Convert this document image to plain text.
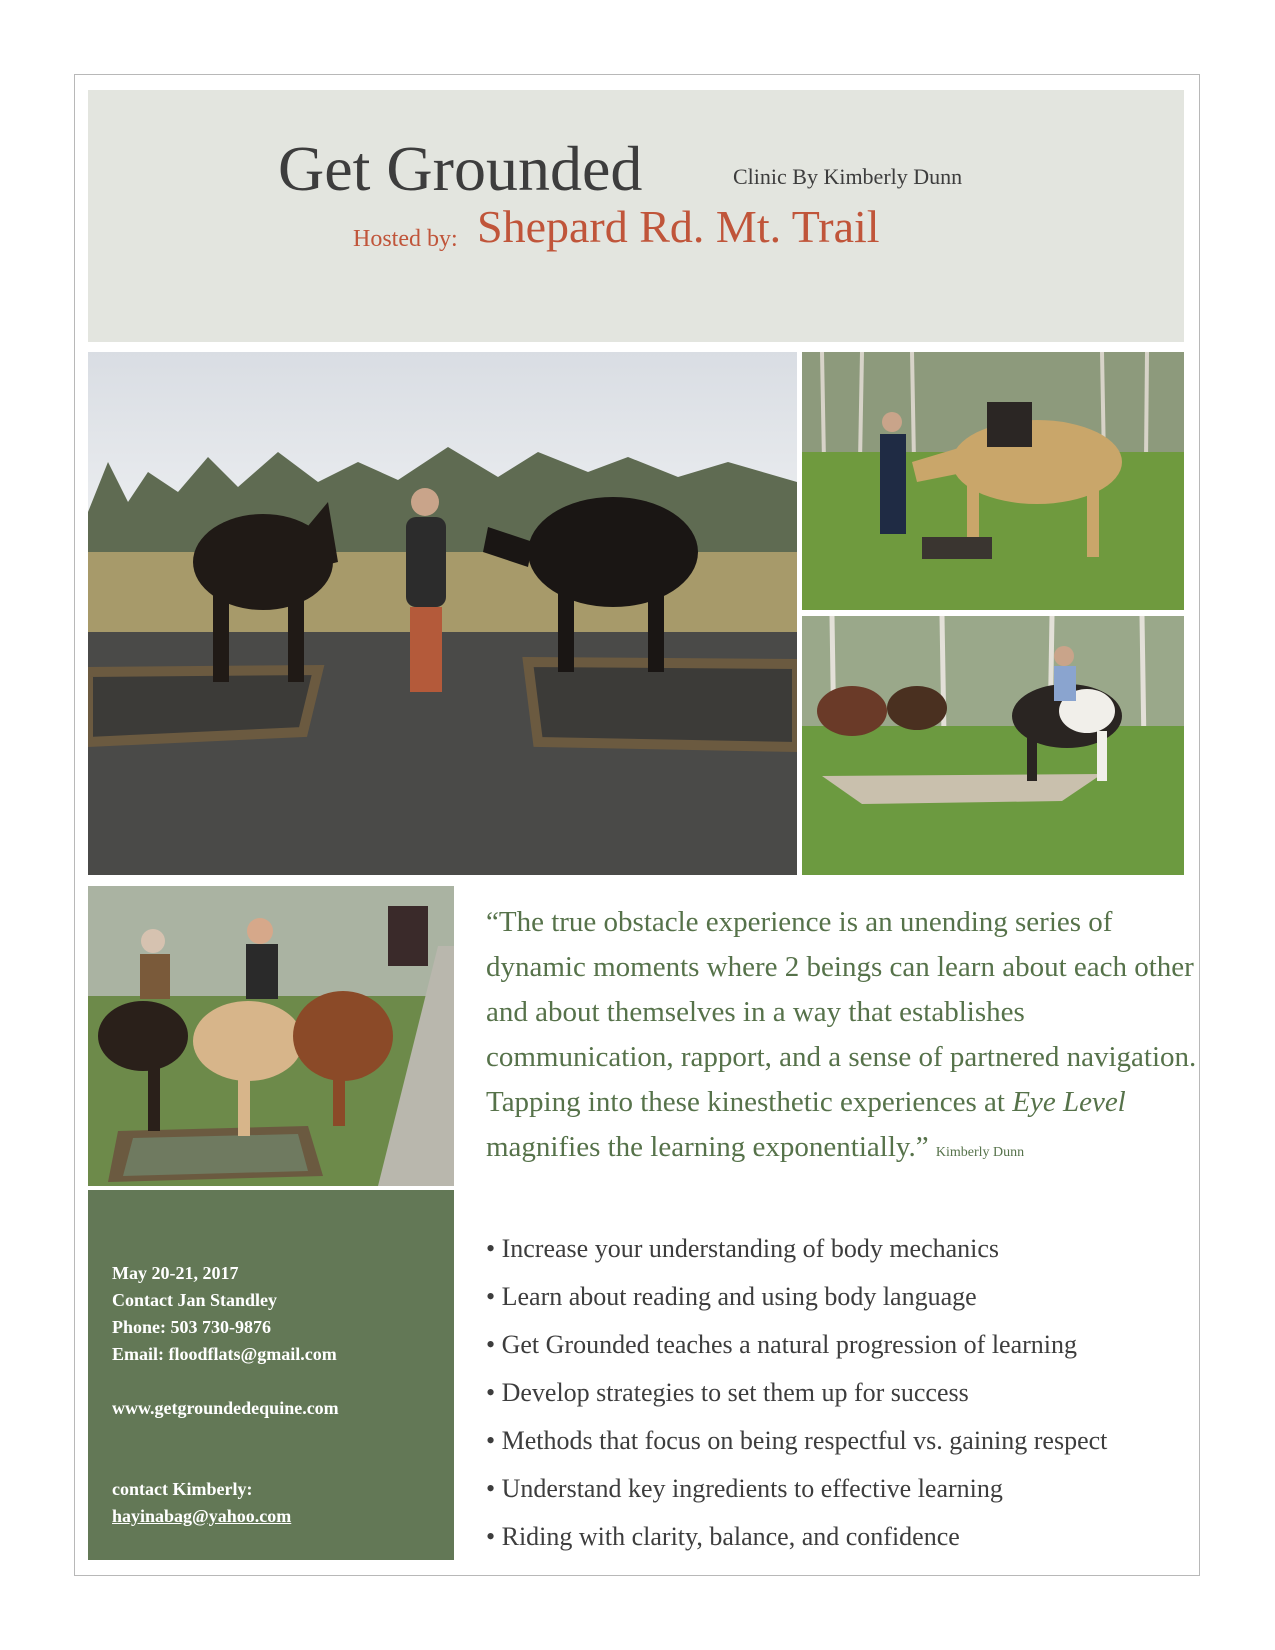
Get Grounded	Clinic By Kimberly Dunn
Hosted by: Shepard Rd. Mt. Trail
May 20-21, 2017
Contact Jan Standley
Phone: 503 730-9876
Email: floodflats@gmail.com
www.getgroundedequine.com
contact Kimberly:
hayinabag@yahoo.com
“The true obstacle experience is an unending series of dynamic moments where 2 beings can learn about each other and about themselves in a way that establishes communication, rapport, and a sense of partnered navigation. Tapping into these kinesthetic experiences at Eye Level magnifies the learning exponentially.” Kimberly Dunn
• Increase your understanding of body mechanics
• Learn about reading and using body language
• Get Grounded teaches a natural progression of learning
• Develop strategies to set them up for success
• Methods that focus on being respectful vs. gaining respect
• Understand key ingredients to effective learning
• Riding with clarity, balance, and confidence
